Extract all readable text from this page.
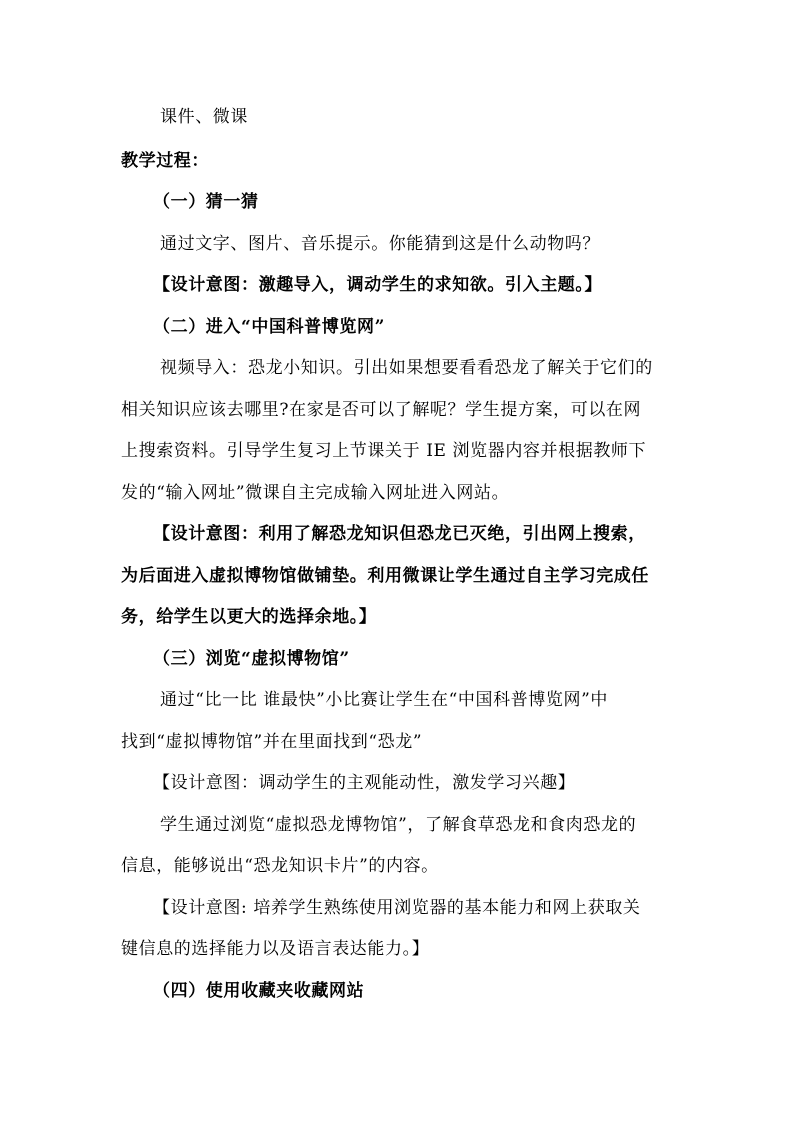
课件、微课
教学过程：
（一）猜一猜
通过文字、图片、音乐提示。你能猜到这是什么动物吗？
【设计意图：激趣导入，调动学生的求知欲。引入主题。】
（二）进入“中国科普博览网”
视频导入：恐龙小知识。引出如果想要看看恐龙了解关于它们的
相关知识应该去哪里?在家是否可以了解呢？学生提方案，可以在网
上搜索资料。引导学生复习上节课关于 IE 浏览器内容并根据教师下
发的“输入网址”微课自主完成输入网址进入网站。
【设计意图：利用了解恐龙知识但恐龙已灭绝，引出网上搜索，
为后面进入虚拟博物馆做铺垫。利用微课让学生通过自主学习完成任
务，给学生以更大的选择余地。】
（三）浏览“虚拟博物馆”
通过“比一比 谁最快”小比赛让学生在“中国科普博览网”中
找到“虚拟博物馆”并在里面找到“恐龙”
【设计意图：调动学生的主观能动性，激发学习兴趣】
学生通过浏览“虚拟恐龙博物馆”，了解食草恐龙和食肉恐龙的
信息，能够说出“恐龙知识卡片”的内容。
【设计意图: 培养学生熟练使用浏览器的基本能力和网上获取关
键信息的选择能力以及语言表达能力。】
（四）使用收藏夹收藏网站
